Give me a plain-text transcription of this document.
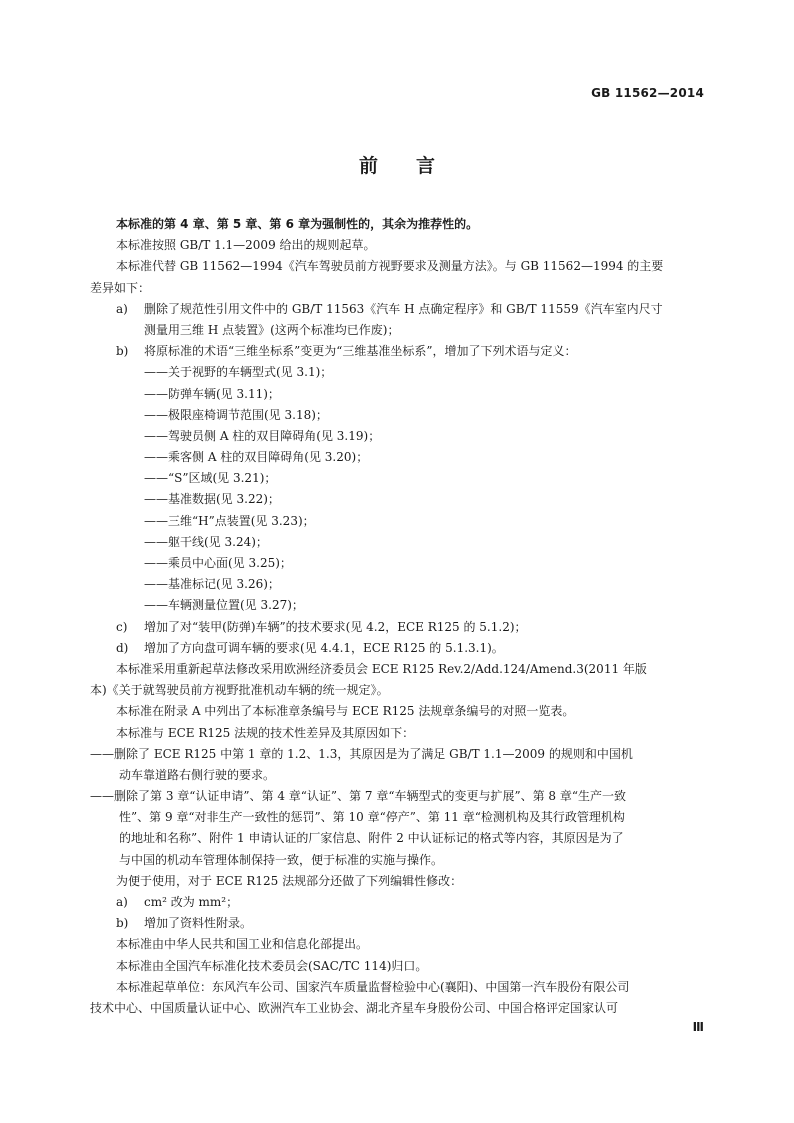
GB 11562—2014
前　　言
本标准的第 4 章、第 5 章、第 6 章为强制性的，其余为推荐性的。
本标准按照 GB/T 1.1—2009 给出的规则起草。
本标准代替 GB 11562—1994《汽车驾驶员前方视野要求及测量方法》。与 GB 11562—1994 的主要
差异如下：
a) 删除了规范性引用文件中的 GB/T 11563《汽车 H 点确定程序》和 GB/T 11559《汽车室内尺寸
测量用三维 H 点装置》(这两个标准均已作废)；
b) 将原标准的术语“三维坐标系”变更为“三维基准坐标系”，增加了下列术语与定义：
——关于视野的车辆型式(见 3.1)；
——防弹车辆(见 3.11)；
——极限座椅调节范围(见 3.18)；
——驾驶员侧 A 柱的双目障碍角(见 3.19)；
——乘客侧 A 柱的双目障碍角(见 3.20)；
——“S”区域(见 3.21)；
——基准数据(见 3.22)；
——三维“H”点装置(见 3.23)；
——躯干线(见 3.24)；
——乘员中心面(见 3.25)；
——基准标记(见 3.26)；
——车辆测量位置(见 3.27)；
c) 增加了对“装甲(防弹)车辆”的技术要求(见 4.2，ECE R125 的 5.1.2)；
d) 增加了方向盘可调车辆的要求(见 4.4.1，ECE R125 的 5.1.3.1)。
本标准采用重新起草法修改采用欧洲经济委员会 ECE R125 Rev.2/Add.124/Amend.3(2011 年版
本)《关于就驾驶员前方视野批准机动车辆的统一规定》。
本标准在附录 A 中列出了本标准章条编号与 ECE R125 法规章条编号的对照一览表。
本标准与 ECE R125 法规的技术性差异及其原因如下：
——删除了 ECE R125 中第 1 章的 1.2、1.3，其原因是为了满足 GB/T 1.1—2009 的规则和中国机
动车靠道路右侧行驶的要求。
——删除了第 3 章“认证申请”、第 4 章“认证”、第 7 章“车辆型式的变更与扩展”、第 8 章“生产一致
性”、第 9 章“对非生产一致性的惩罚”、第 10 章“停产”、第 11 章“检测机构及其行政管理机构
的地址和名称”、附件 1 申请认证的厂家信息、附件 2 中认证标记的格式等内容，其原因是为了
与中国的机动车管理体制保持一致，便于标准的实施与操作。
为便于使用，对于 ECE R125 法规部分还做了下列编辑性修改：
a) cm² 改为 mm²；
b) 增加了资料性附录。
本标准由中华人民共和国工业和信息化部提出。
本标准由全国汽车标准化技术委员会(SAC/TC 114)归口。
本标准起草单位：东风汽车公司、国家汽车质量监督检验中心(襄阳)、中国第一汽车股份有限公司
技术中心、中国质量认证中心、欧洲汽车工业协会、湖北齐星车身股份公司、中国合格评定国家认可
Ⅲ
